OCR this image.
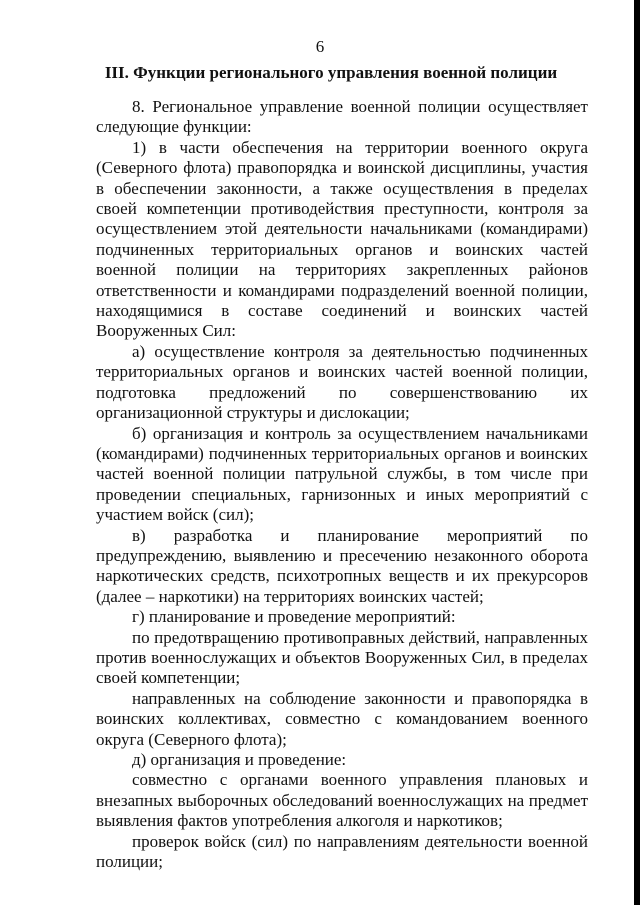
6
III. Функции регионального управления военной полиции

8. Региональное управление военной полиции осуществляет следующие функции:

1) в части обеспечения на территории военного округа (Северного флота) правопорядка и воинской дисциплины, участия в обеспечении законности, а также осуществления в пределах своей компетенции противодействия преступности, контроля за осуществлением этой деятельности начальниками (командирами) подчиненных территориальных органов и воинских частей военной полиции на территориях закрепленных районов ответственности и командирами подразделений военной полиции, находящимися в составе соединений и воинских частей Вооруженных Сил:

а) осуществление контроля за деятельностью подчиненных территориальных органов и воинских частей военной полиции, подготовка предложений по совершенствованию их организационной структуры и дислокации;

б) организация и контроль за осуществлением начальниками (командирами) подчиненных территориальных органов и воинских частей военной полиции патрульной службы, в том числе при проведении специальных, гарнизонных и иных мероприятий с участием войск (сил);

в) разработка и планирование мероприятий по предупреждению, выявлению и пресечению незаконного оборота наркотических средств, психотропных веществ и их прекурсоров (далее – наркотики) на территориях воинских частей;

г) планирование и проведение мероприятий:

по предотвращению противоправных действий, направленных против военнослужащих и объектов Вооруженных Сил, в пределах своей компетенции;

направленных на соблюдение законности и правопорядка в воинских коллективах, совместно с командованием военного округа (Северного флота);

д) организация и проведение:

совместно с органами военного управления плановых и внезапных выборочных обследований военнослужащих на предмет выявления фактов употребления алкоголя и наркотиков;

проверок войск (сил) по направлениям деятельности военной полиции;
